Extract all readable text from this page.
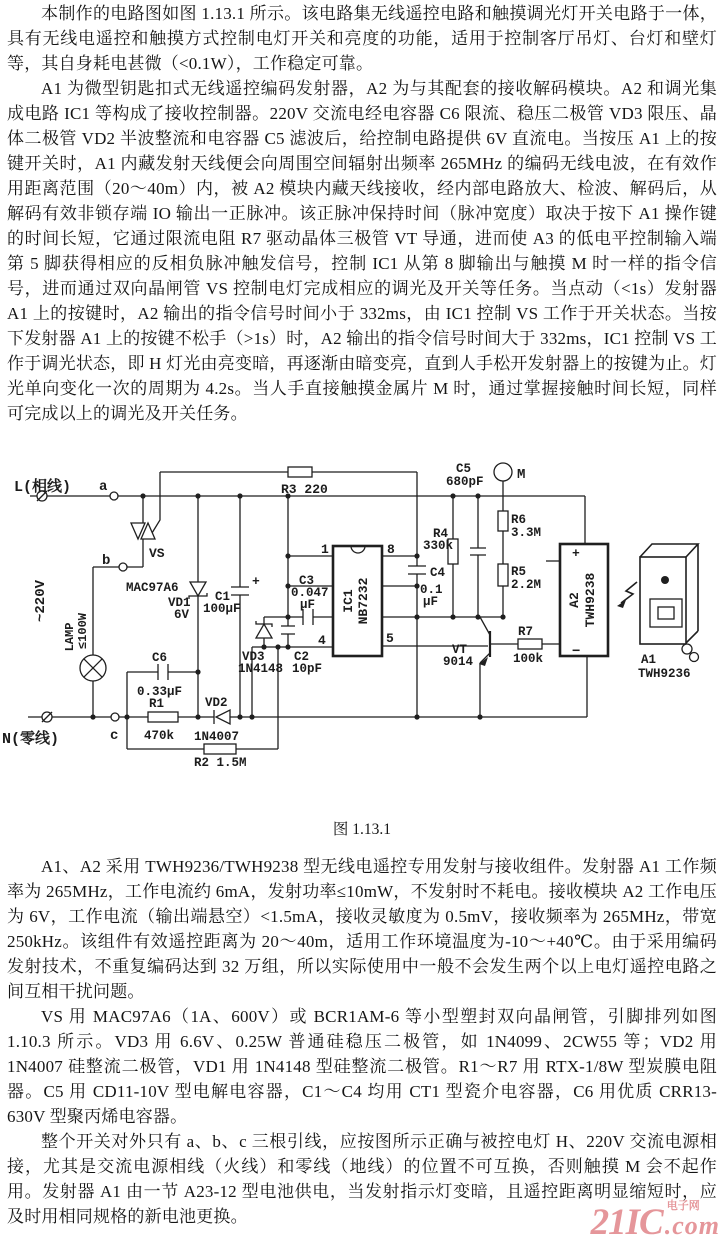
本制作的电路图如图 1.13.1 所示。该电路集无线遥控电路和触摸调光灯开关电路于一体，具有无线电遥控和触摸方式控制电灯开关和亮度的功能，适用于控制客厅吊灯、台灯和壁灯等，其自身耗电甚微（<0.1W），工作稳定可靠。

A1 为微型钥匙扣式无线遥控编码发射器，A2 为与其配套的接收解码模块。A2 和调光集成电路 IC1 等构成了接收控制器。220V 交流电经电容器 C6 限流、稳压二极管 VD3 限压、晶体二极管 VD2 半波整流和电容器 C5 滤波后，给控制电路提供 6V 直流电。当按压 A1 上的按键开关时，A1 内藏发射天线便会向周围空间辐射出频率 265MHz 的编码无线电波，在有效作用距离范围（20～40m）内，被 A2 模块内藏天线接收，经内部电路放大、检波、解码后，从解码有效非锁存端 IO 输出一正脉冲。该正脉冲保持时间（脉冲宽度）取决于按下 A1 操作键的时间长短，它通过限流电阻 R7 驱动晶体三极管 VT 导通，进而使 A3 的低电平控制输入端第 5 脚获得相应的反相负脉冲触发信号，控制 IC1 从第 8 脚输出与触摸 M 时一样的指令信号，进而通过双向晶闸管 VS 控制电灯完成相应的调光及开关等任务。当点动（<1s）发射器 A1 上的按键时，A2 输出的指令信号时间小于 332ms，由 IC1 控制 VS 工作于开关状态。当按下发射器 A1 上的按键不松手（>1s）时，A2 输出的指令信号时间大于 332ms，IC1 控制 VS 工作于调光状态，即 H 灯光由亮变暗，再逐渐由暗变亮，直到人手松开发射器上的按键为止。灯光单向变化一次的周期为 4.2s。当人手直接触摸金属片 M 时，通过掌握接触时间长短，同样可完成以上的调光及开关任务。

L(相线) a
~220V
LAMP ≤100W
VS
MAC97A6
b
VD1
6V
C1
100µF
+
R3 220
C3
0.047
µF
1	8
4	5
IC1 NB7232
VD3
1N4148
C2
10pF
C6
0.33µF
R1
470k
VD2
1N4007
R2 1.5M
N(零线)	c
C4
0.1
µF
R4
330k
C5
680pF M
R6
3.3M
R5
2.2M
VT
9014
R7
100k
+
A2 TWH9238
−	A1
TWH9236
图 1.13.1

A1、A2 采用 TWH9236/TWH9238 型无线电遥控专用发射与接收组件。发射器 A1 工作频率为 265MHz，工作电流约 6mA，发射功率≤10mW，不发射时不耗电。接收模块 A2 工作电压为 6V，工作电流（输出端悬空）<1.5mA，接收灵敏度为 0.5mV，接收频率为 265MHz，带宽 250kHz。该组件有效遥控距离为 20～40m，适用工作环境温度为-10～+40℃。由于采用编码发射技术，不重复编码达到 32 万组，所以实际使用中一般不会发生两个以上电灯遥控电路之间互相干扰问题。

VS 用 MAC97A6（1A、600V）或 BCR1AM-6 等小型塑封双向晶闸管，引脚排列如图 1.10.3 所示。VD3 用 6.6V、0.25W 普通硅稳压二极管，如 1N4099、2CW55 等；VD2 用 1N4007 硅整流二极管，VD1 用 1N4148 型硅整流二极管。R1～R7 用 RTX-1/8W 型炭膜电阻器。C5 用 CD11-10V 型电解电容器，C1～C4 均用 CT1 型瓷介电容器，C6 用优质 CRR13-630V 型聚丙烯电容器。

整个开关对外只有 a、b、c 三根引线，应按图所示正确与被控电灯 H、220V 交流电源相接，尤其是交流电源相线（火线）和零线（地线）的位置不可互换，否则触摸 M 会不起作用。发射器 A1 由一节 A23-12 型电池供电，当发射指示灯变暗，且遥控距离明显缩短时，应及时用相同规格的新电池更换。	21IC 电子网
.com
